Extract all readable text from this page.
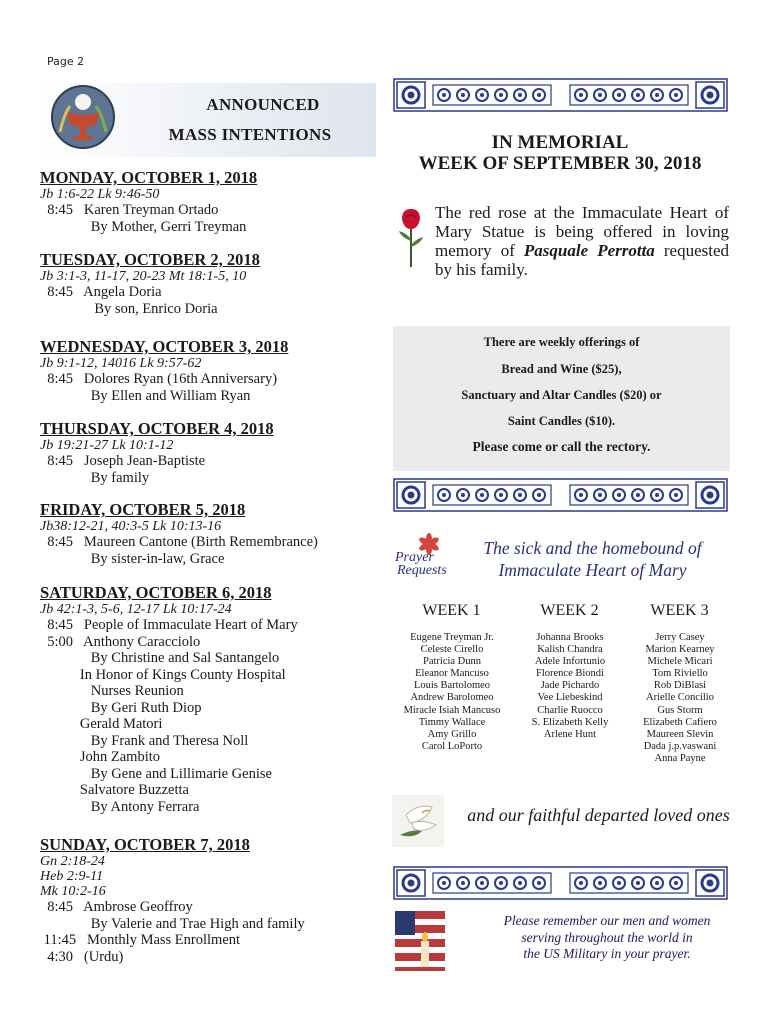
Page 2
ANNOUNCED
MASS INTENTIONS
MONDAY, OCTOBER 1, 2018
Jb 1:6-22 Lk 9:46-50
8:45   Karen Treyman Ortado
By Mother, Gerri Treyman
TUESDAY, OCTOBER 2, 2018
Jb 3:1-3, 11-17, 20-23 Mt 18:1-5, 10
8:45   Angela Doria
By son, Enrico Doria
WEDNESDAY, OCTOBER 3, 2018
Jb 9:1-12, 14016 Lk 9:57-62
8:45   Dolores Ryan (16th Anniversary)
By Ellen and William Ryan
THURSDAY, OCTOBER 4, 2018
Jb 19:21-27 Lk 10:1-12
8:45   Joseph Jean-Baptiste
By family
FRIDAY, OCTOBER 5, 2018
Jb38:12-21, 40:3-5 Lk 10:13-16
8:45   Maureen Cantone (Birth Remembrance)
By sister-in-law, Grace
SATURDAY, OCTOBER 6, 2018
Jb 42:1-3, 5-6, 12-17 Lk 10:17-24
8:45   People of Immaculate Heart of Mary
5:00   Anthony Caracciolo
By Christine and Sal Santangelo
In Honor of Kings County Hospital
Nurses Reunion
By Geri Ruth Diop
Gerald Matori
By Frank and Theresa Noll
John Zambito
By Gene and Lillimarie Genise
Salvatore Buzzetta
By Antony Ferrara
SUNDAY, OCTOBER 7, 2018
Gn 2:18-24
Heb 2:9-11
Mk 10:2-16
8:45   Ambrose Geoffroy
By Valerie and Trae High and family
11:45   Monthly Mass Enrollment
4:30   (Urdu)
IN MEMORIAL
WEEK OF SEPTEMBER 30, 2018
The red rose at the Immaculate Heart of Mary Statue is being offered in loving memory of Pasquale Perrotta requested by his family.
There are weekly offerings of
Bread and Wine ($25),
Sanctuary and Altar Candles ($20) or
Saint Candles ($10).
Please come or call the rectory.
Prayer
Requests
The sick and the homebound of
Immaculate Heart of Mary
WEEK 1	WEEK 2	WEEK 3
Eugene Treyman Jr.
Celeste Cirello
Patricia Dunn
Eleanor Mancuso
Louis Bartolomeo
Andrew Barolomeo
Miracle Isiah Mancuso
Timmy Wallace
Amy Grillo
Carol LoPorto
Johanna Brooks
Kalish Chandra
Adele Infortunio
Florence Biondi
Jade Pichardo
Vee Liebeskind
Charlie Ruocco
S. Elizabeth Kelly
Arlene Hunt
Jerry Casey
Marion Kearney
Michele Micari
Tom Riviello
Rob DiBlasi
Arielle Concilio
Gus Storm
Elizabeth Cafiero
Maureen Slevin
Dada j.p.vaswani
Anna Payne
and our faithful departed loved ones
Please remember our men and women
serving throughout the world in
the US Military in your prayer.
